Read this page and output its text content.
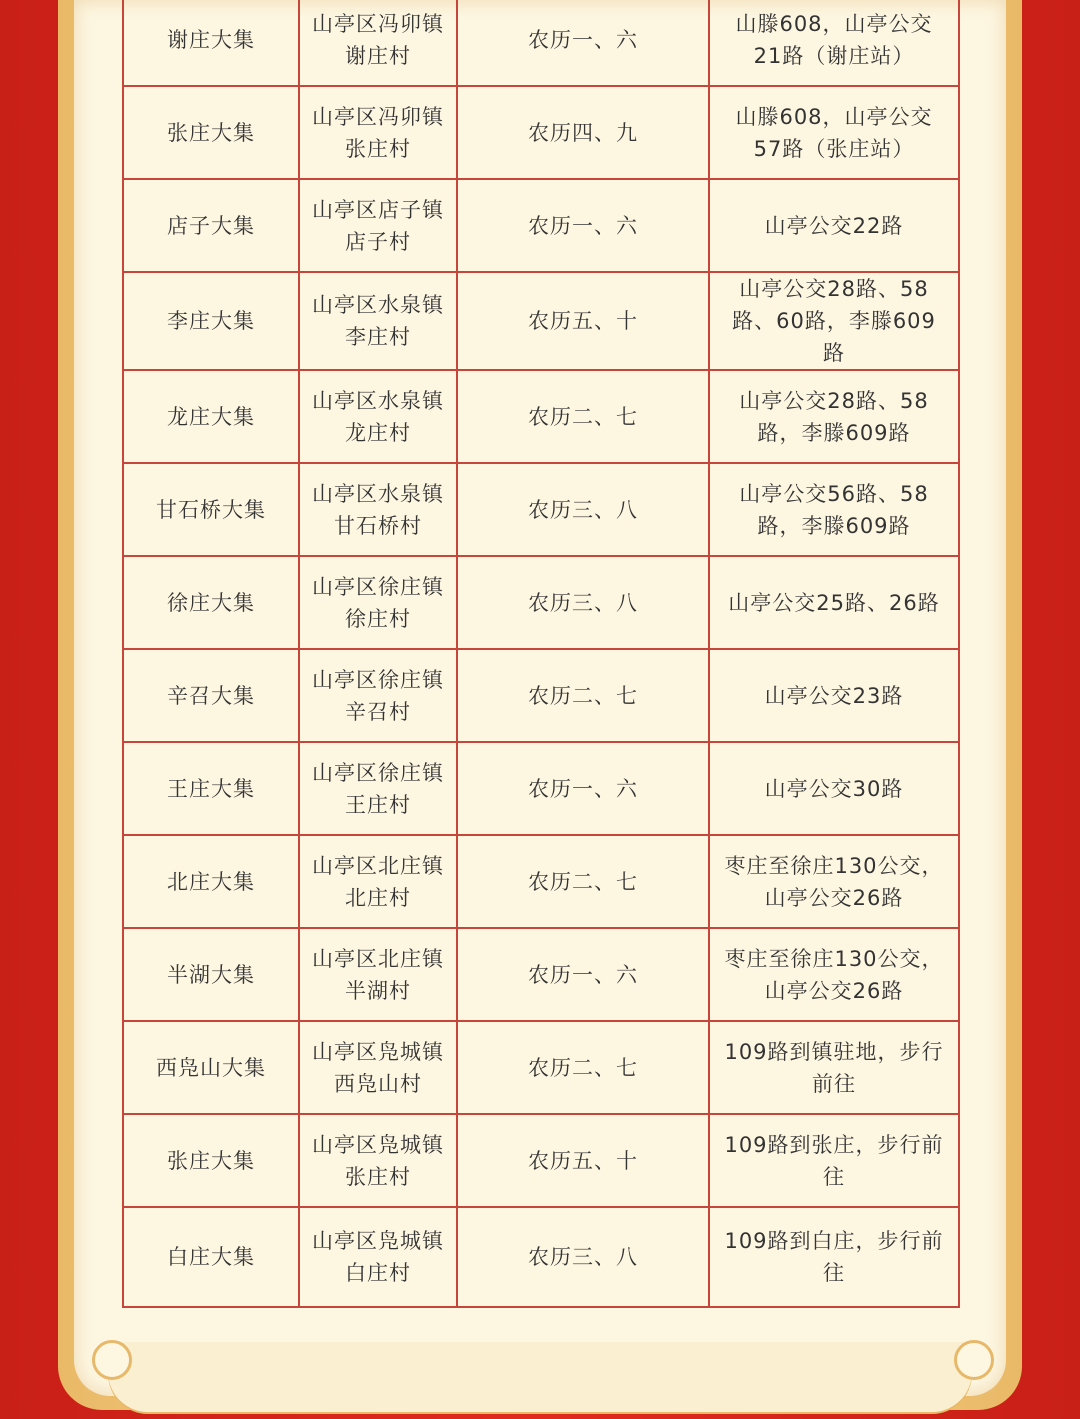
谢庄大集	山亭区冯卯镇谢庄村	农历一、六	山滕608，山亭公交21路（谢庄站）
张庄大集	山亭区冯卯镇张庄村	农历四、九	山滕608，山亭公交57路（张庄站）
店子大集	山亭区店子镇店子村	农历一、六	山亭公交22路
李庄大集	山亭区水泉镇李庄村	农历五、十	山亭公交28路、58路、60路，李滕609路
龙庄大集	山亭区水泉镇龙庄村	农历二、七	山亭公交28路、58路，李滕609路
甘石桥大集	山亭区水泉镇甘石桥村	农历三、八	山亭公交56路、58路，李滕609路
徐庄大集	山亭区徐庄镇徐庄村	农历三、八	山亭公交25路、26路
辛召大集	山亭区徐庄镇辛召村	农历二、七	山亭公交23路
王庄大集	山亭区徐庄镇王庄村	农历一、六	山亭公交30路
北庄大集	山亭区北庄镇北庄村	农历二、七	枣庄至徐庄130公交，山亭公交26路
半湖大集	山亭区北庄镇半湖村	农历一、六	枣庄至徐庄130公交，山亭公交26路
西凫山大集	山亭区凫城镇西凫山村	农历二、七	109路到镇驻地，步行前往
张庄大集	山亭区凫城镇张庄村	农历五、十	109路到张庄，步行前往
白庄大集	山亭区凫城镇白庄村	农历三、八	109路到白庄，步行前往
